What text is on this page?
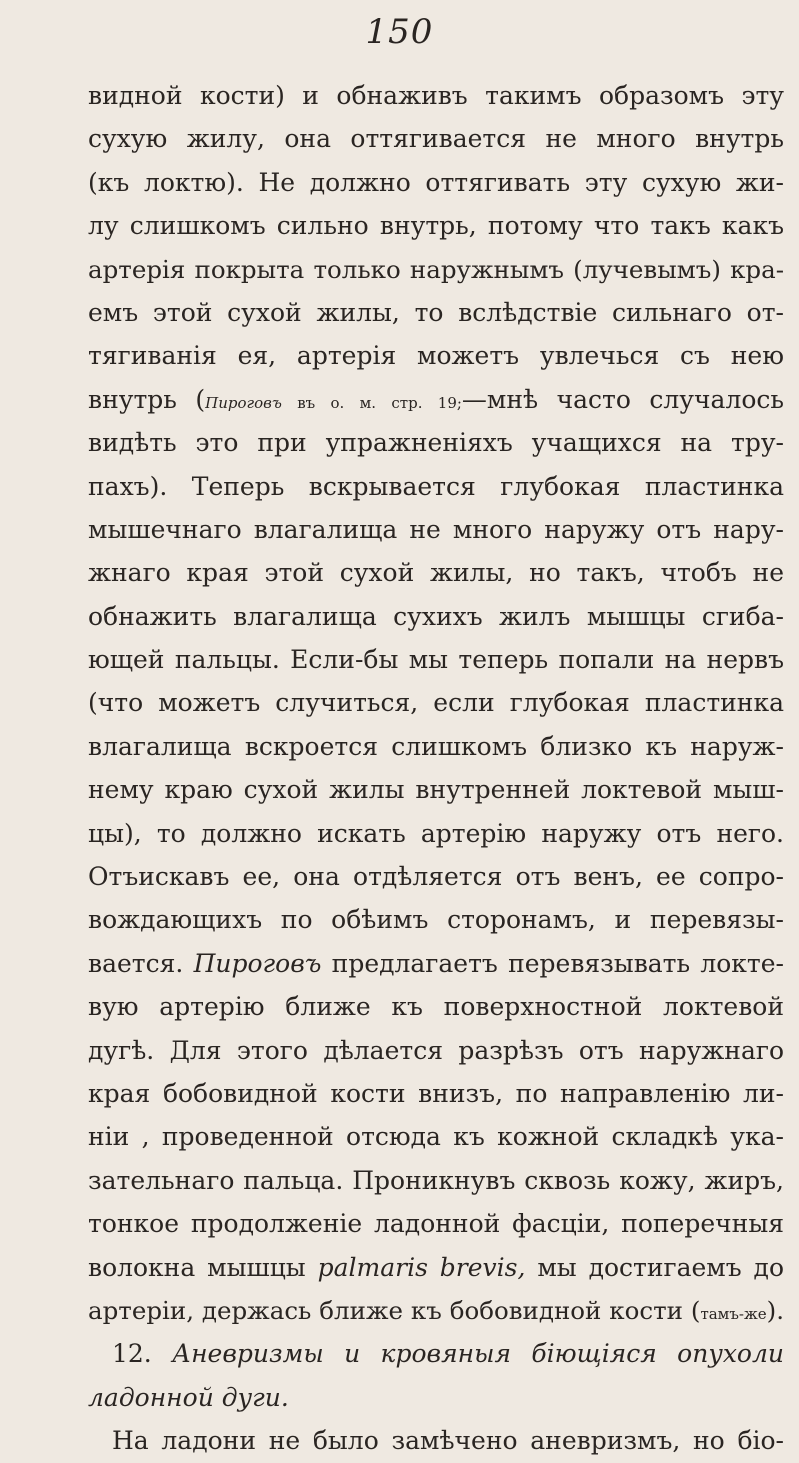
150
видной кости) и обнаживъ такимъ образомъ эту
сухую жилу, она оттягивается не много внутрь
(къ локтю). Не должно оттягивать эту сухую жи-
лу слишкомъ сильно внутрь, потому что такъ какъ
артерія покрыта только наружнымъ (лучевымъ) кра-
емъ этой сухой жилы, то вслѣдствіе сильнаго от-
тягиванія ея, артерія можетъ увлечься съ нею
внутрь (Пироговъ въ о. м. стр. 19;—мнѣ часто случалось
видѣть это при упражненіяхъ учащихся на тру-
пахъ). Теперь вскрывается глубокая пластинка
мышечнаго влагалища не много наружу отъ нару-
жнаго края этой сухой жилы, но такъ, чтобъ не
обнажить влагалища сухихъ жилъ мышцы сгиба-
ющей пальцы. Если-бы мы теперь попали на нервъ
(что можетъ случиться, если глубокая пластинка
влагалища вскроется слишкомъ близко къ наруж-
нему краю сухой жилы внутренней локтевой мыш-
цы), то должно искать артерію наружу отъ него.
Отъискавъ ее, она отдѣляется отъ венъ, ее сопро-
вождающихъ по обѣимъ сторонамъ, и перевязы-
вается. Пироговъ предлагаетъ перевязывать локте-
вую артерію ближе къ поверхностной локтевой
дугѣ. Для этого дѣлается разрѣзъ отъ наружнаго
края бобовидной кости внизъ, по направленію ли-
ніи , проведенной отсюда къ кожной складкѣ ука-
зательнаго пальца. Проникнувъ сквозь кожу, жиръ,
тонкое продолженіе ладонной фасціи, поперечныя
волокна мышцы palmaris brevis, мы достигаемъ до
артеріи, держась ближе къ бобовидной кости (тамъ-же).
12. Аневризмы и кровяныя біющіяся опухоли
ладонной дуги.
На ладони не было замѣчено аневризмъ, но біо-
